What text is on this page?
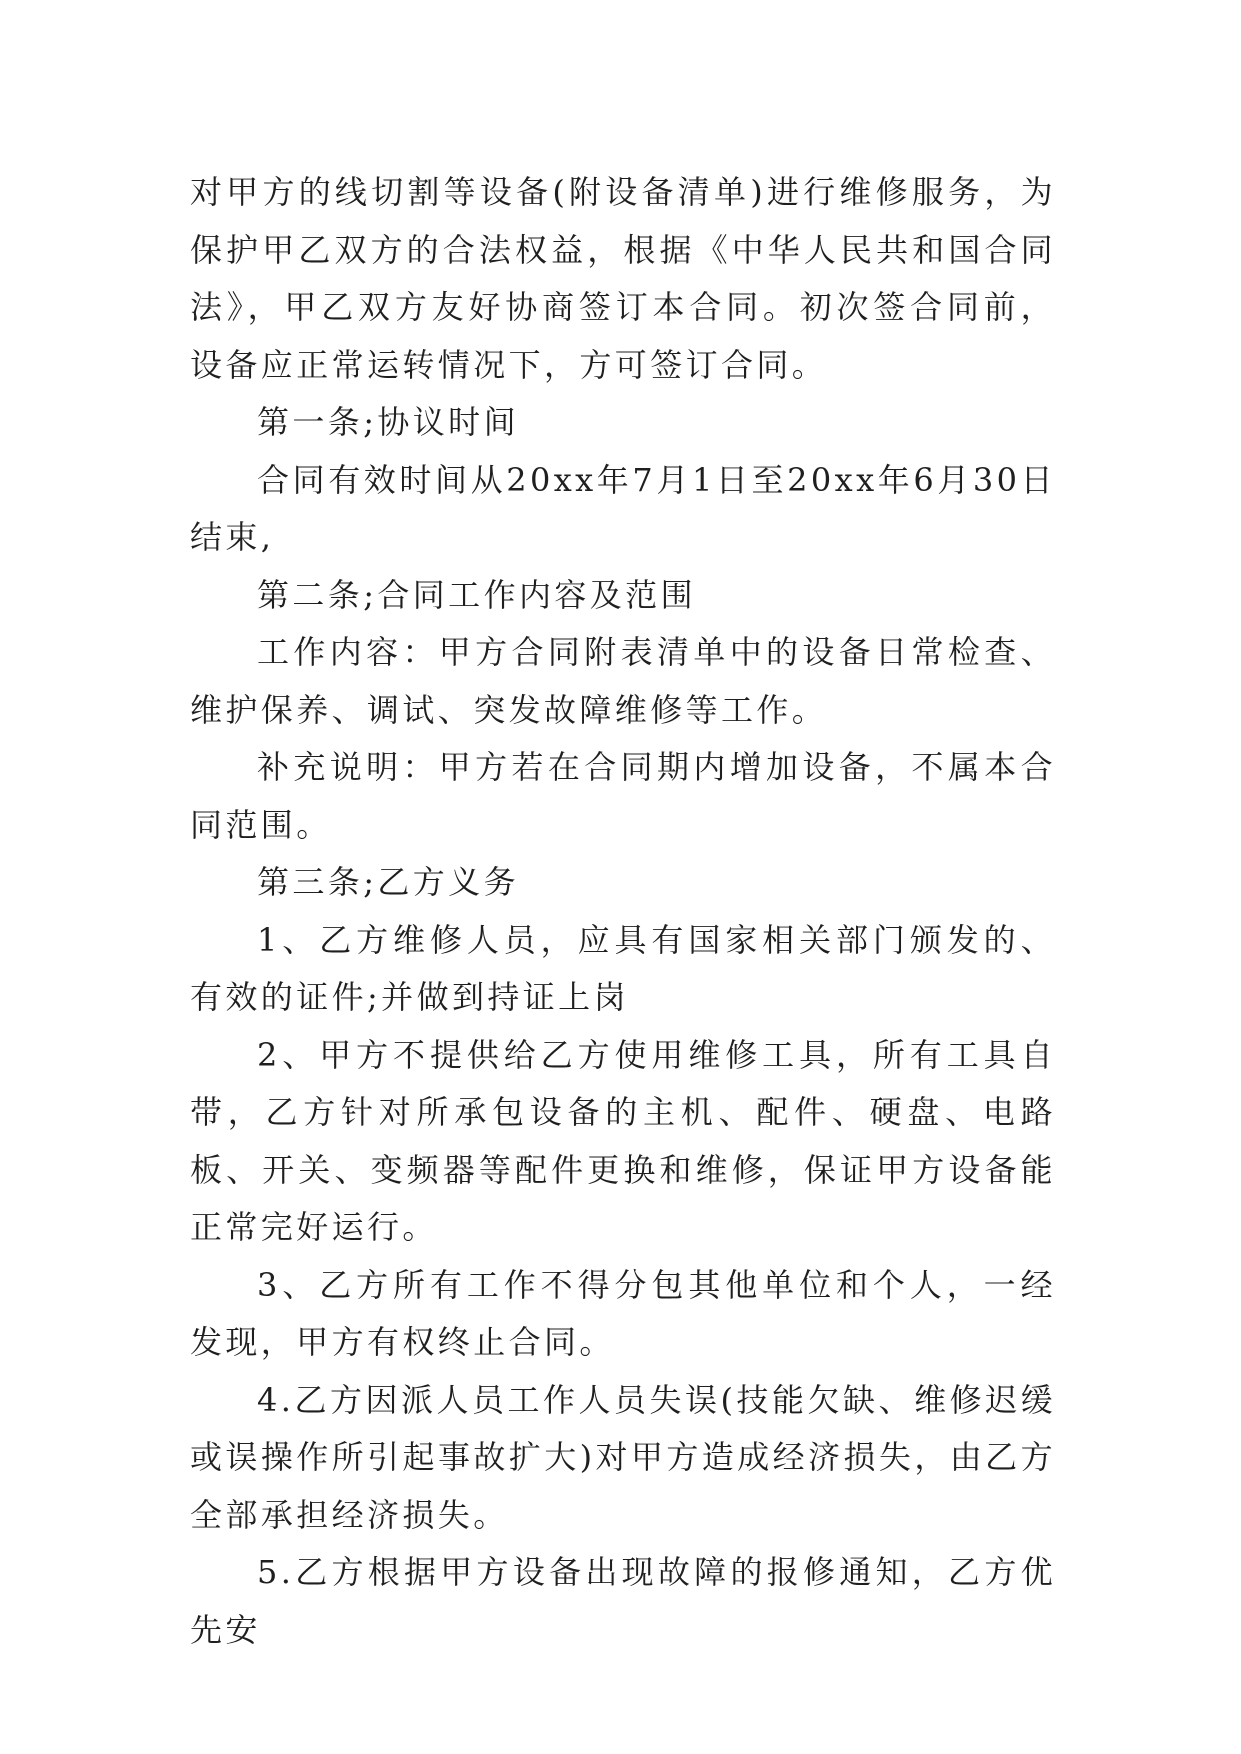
对甲方的线切割等设备(附设备清单)进行维修服务，为保护甲乙双方的合法权益，根据《中华人民共和国合同法》，甲乙双方友好协商签订本合同。初次签合同前，设备应正常运转情况下，方可签订合同。

第一条;协议时间

合同有效时间从20xx年7月1日至20xx年6月30日结束,

第二条;合同工作内容及范围

工作内容：甲方合同附表清单中的设备日常检查、维护保养、调试、突发故障维修等工作。

补充说明：甲方若在合同期内增加设备，不属本合同范围。

第三条;乙方义务

1、乙方维修人员，应具有国家相关部门颁发的、有效的证件;并做到持证上岗

2、甲方不提供给乙方使用维修工具，所有工具自带，乙方针对所承包设备的主机、配件、硬盘、电路板、开关、变频器等配件更换和维修，保证甲方设备能正常完好运行。

3、乙方所有工作不得分包其他单位和个人，一经发现，甲方有权终止合同。

4.乙方因派人员工作人员失误(技能欠缺、维修迟缓或误操作所引起事故扩大)对甲方造成经济损失，由乙方全部承担经济损失。

5.乙方根据甲方设备出现故障的报修通知，乙方优先安
